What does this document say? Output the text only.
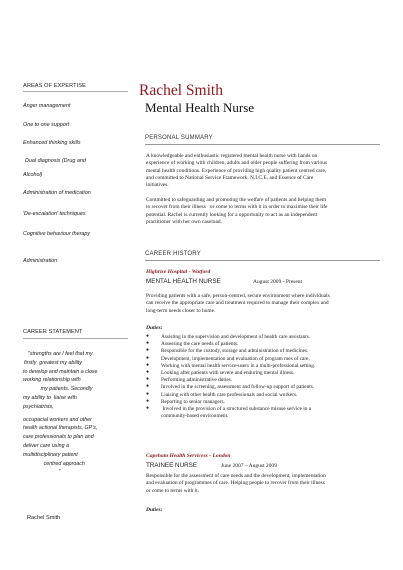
AREAS OF EXPERTISE
Anger management
One to one support
Enhanced thinking skills
Dual diagnosis (Drug and
Alcohol)
Administration of medication
'De-escalation' techniques
Cognitive behaviour therapy
Administration
CAREER STATEMENT
"strengths are I feel that my
firstly  greatest my ability
to develop and maintain a close
working relationship with
my patients. Secondly
my ability to  liaise with
psychiatrists,
occupacial workers and other
health actional therapists, GP's,
care professionals to plan and
deliver care using a
multidisciplinary patient
centred approach
"
Rachel Smith
Rachel Smith
Mental Health Nurse
PERSONAL SUMMARY
A knowledgeable and enthusiastic registered mental health nurse with hands on
experience of working with children, adults and older people suffering from various
mental health conditions. Experience of providing high quality patient centred care,
and committed to National Service Framework. N.I.C.E. and Essence of Care
initiatives.
Committed to safeguarding and promoting the welfare of patients and helping them
to recover from their illness   or come to terms with it in order to maximise their life
potential. Rachel is currently looking for a opportunity to act as an independent
practitioner with her own caseload.
CAREER HISTORY
Highrise Hospital - Watford
MENTAL HEALTH NURSE	August 2009 - Present
Providing patients with a safe, person-centred, secure environment where individuals
can receive the appropriate care and treatment required to manage their complex and
long-term needs closer to home.
Duties:
●	Assisting in the supervision and development of health care assistants.
●	Assessing the care needs of patients.
●	Responsible for the custody, storage and administration of medicines.
●	Development, implementation and evaluation of program mes of care.
●	Working with mental health service-users in a multi-professional setting.
●	Looking after patients with severe and enduring mental illness.
●	Performing administrative duties.
●	Involved in the screening, assessment and follow-up support of patients.
●	Liaising with other health care professionals and social workers.
●	Reporting to senior managers.
●	Involved in the provision of a structured substance misuse service in a
community-based environment.
Capeham Health Servicess - London
TRAINEE NURSE	June 2007 – August 2009
Responsible for the assessment of care needs and the development, implementation
and evaluation of programmes of care. Helping people to recover from their illness
or come to terms with it.
Duties:
